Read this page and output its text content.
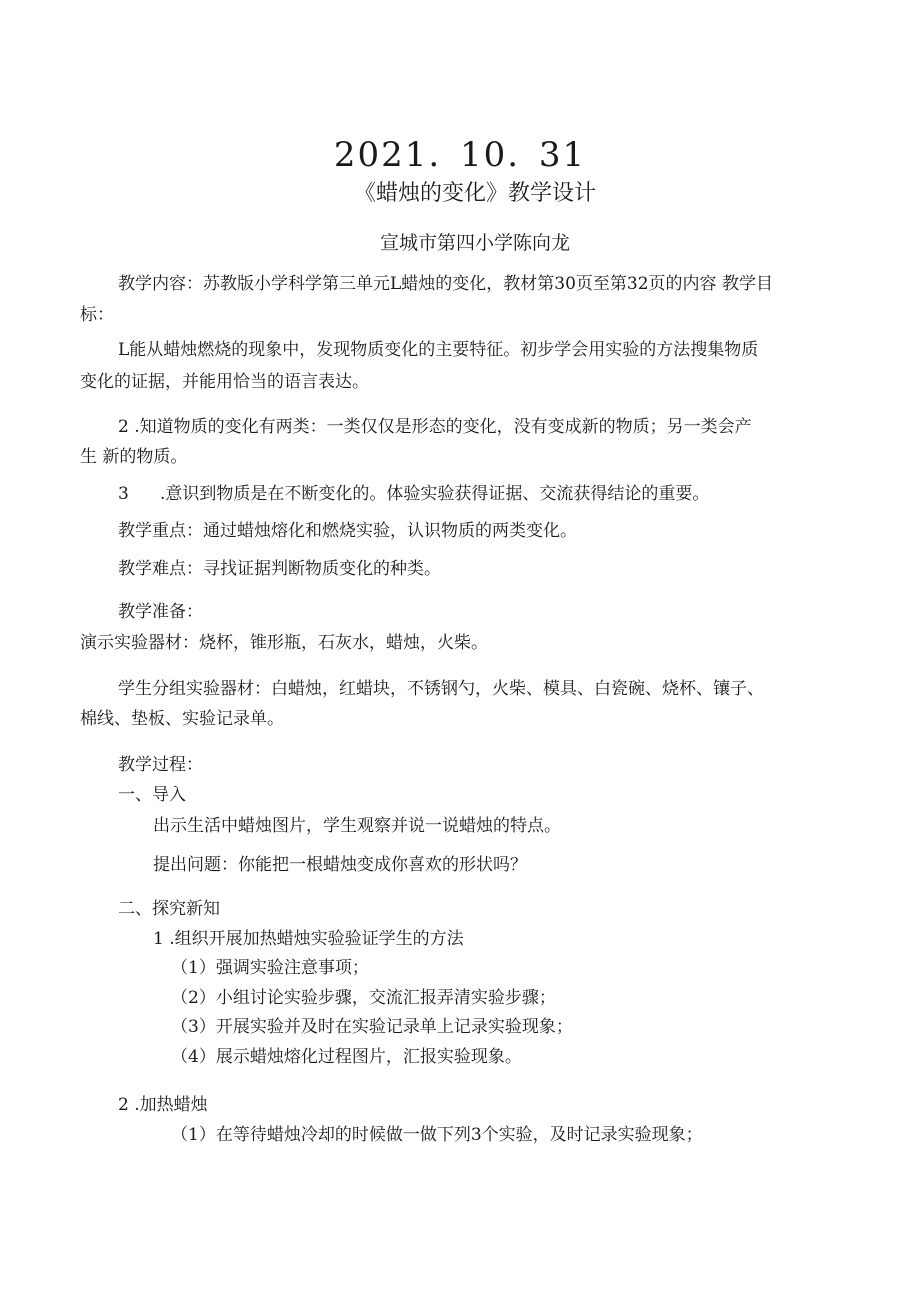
2021. 10. 31
《蜡烛的变化》教学设计
宣城市第四小学陈向龙
教学内容：苏教版小学科学第三单元L蜡烛的变化，教材第30页至第32页的内容 教学目
标：
L能从蜡烛燃烧的现象中，发现物质变化的主要特征。初步学会用实验的方法搜集物质
变化的证据，并能用恰当的语言表达。
2 .知道物质的变化有两类：一类仅仅是形态的变化，没有变成新的物质；另一类会产
生 新的物质。
3 .意识到物质是在不断变化的。体验实验获得证据、交流获得结论的重要。
教学重点：通过蜡烛熔化和燃烧实验，认识物质的两类变化。
教学难点：寻找证据判断物质变化的种类。
教学准备：
演示实验器材：烧杯，锥形瓶，石灰水，蜡烛，火柴。
学生分组实验器材：白蜡烛，红蜡块，不锈钢勺，火柴、模具、白瓷碗、烧杯、镶子、
棉线、垫板、实验记录单。
教学过程：
一、导入
出示生活中蜡烛图片，学生观察并说一说蜡烛的特点。
提出问题：你能把一根蜡烛变成你喜欢的形状吗？
二、探究新知
1 .组织开展加热蜡烛实验验证学生的方法
（1）强调实验注意事项；
（2）小组讨论实验步骤，交流汇报弄清实验步骤；
（3）开展实验并及时在实验记录单上记录实验现象；
（4）展示蜡烛熔化过程图片，汇报实验现象。
2 .加热蜡烛
（1）在等待蜡烛冷却的时候做一做下列3个实验，及时记录实验现象；
